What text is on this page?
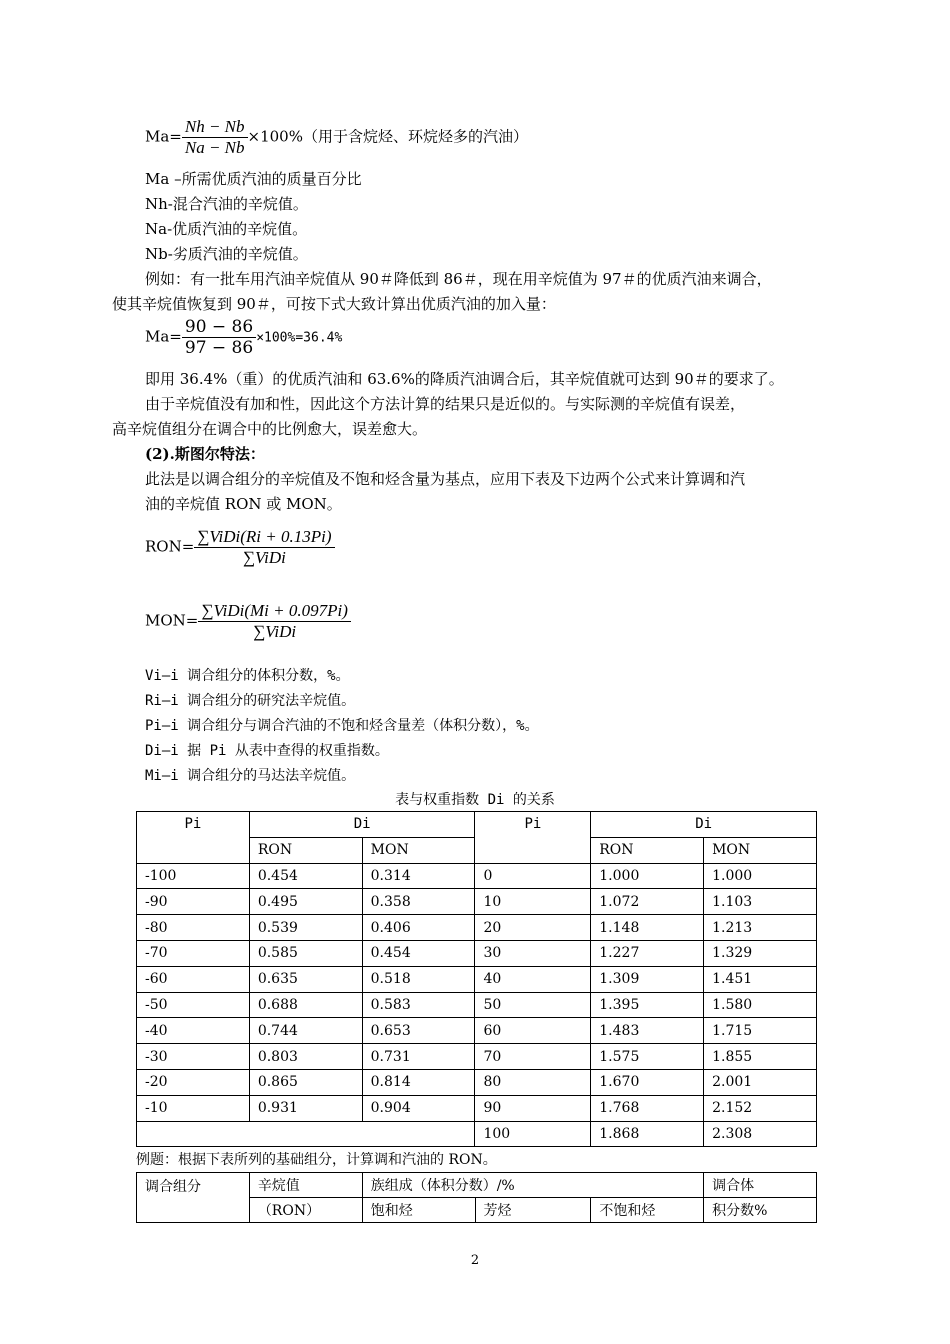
$Ma= \frac{Nh - Nb}{Na - Nb} \times 100\%$（用于含烷烃、环烷烃多的汽油）
Ma –所需优质汽油的质量百分比
Nh-混合汽油的辛烷值。
Na-优质汽油的辛烷值。
Nb-劣质汽油的辛烷值。
例如：有一批车用汽油辛烷值从 90＃降低到 86＃，现在用辛烷值为 97＃的优质汽油来调合，
使其辛烷值恢复到 90＃，可按下式大致计算出优质汽油的加入量：
$Ma= \frac{90 - 86}{97 - 86} \times 100\%=36.4\%$
即用 36.4%（重）的优质汽油和 63.6%的降质汽油调合后，其辛烷值就可达到 90＃的要求了。
由于辛烷值没有加和性，因此这个方法计算的结果只是近似的。与实际测的辛烷值有误差，
高辛烷值组分在调合中的比例愈大，误差愈大。
(2).斯图尔特法：
此法是以调合组分的辛烷值及不饱和烃含量为基点，应用下表及下边两个公式来计算调和汽
油的辛烷值 RON 或 MON。
$RON= \frac{\text{∑ViDi(Ri + 0.13Pi)}}{\text{∑ViDi}}$
$MON= \frac{\text{∑ViDi(Mi + 0.097Pi)}}{\text{∑ViDi}}$
Vi—i 调合组分的体积分数，%。
Ri—i 调合组分的研究法辛烷值。
Pi—i 调合组分与调合汽油的不饱和烃含量差（体积分数），%。
Di—i 据 Pi 从表中查得的权重指数。
Mi—i 调合组分的马达法辛烷值。
表与权重指数 Di 的关系
Pi	Di		Pi	Di	
	RON	MON		RON	MON
-100	0.454	0.314	0	1.000	1.000
-90	0.495	0.358	10	1.072	1.103
-80	0.539	0.406	20	1.148	1.213
-70	0.585	0.454	30	1.227	1.329
-60	0.635	0.518	40	1.309	1.451
-50	0.688	0.583	50	1.395	1.580
-40	0.744	0.653	60	1.483	1.715
-30	0.803	0.731	70	1.575	1.855
-20	0.865	0.814	80	1.670	2.001
-10	0.931	0.904	90	1.768	2.152
			100	1.868	2.308
例题：根据下表所列的基础组分，计算调和汽油的 RON。
调合组分	辛烷值	族组成（体积分数）/%			调合体
	（RON）	饱和烃	芳烃	不饱和烃	积分数%
2
